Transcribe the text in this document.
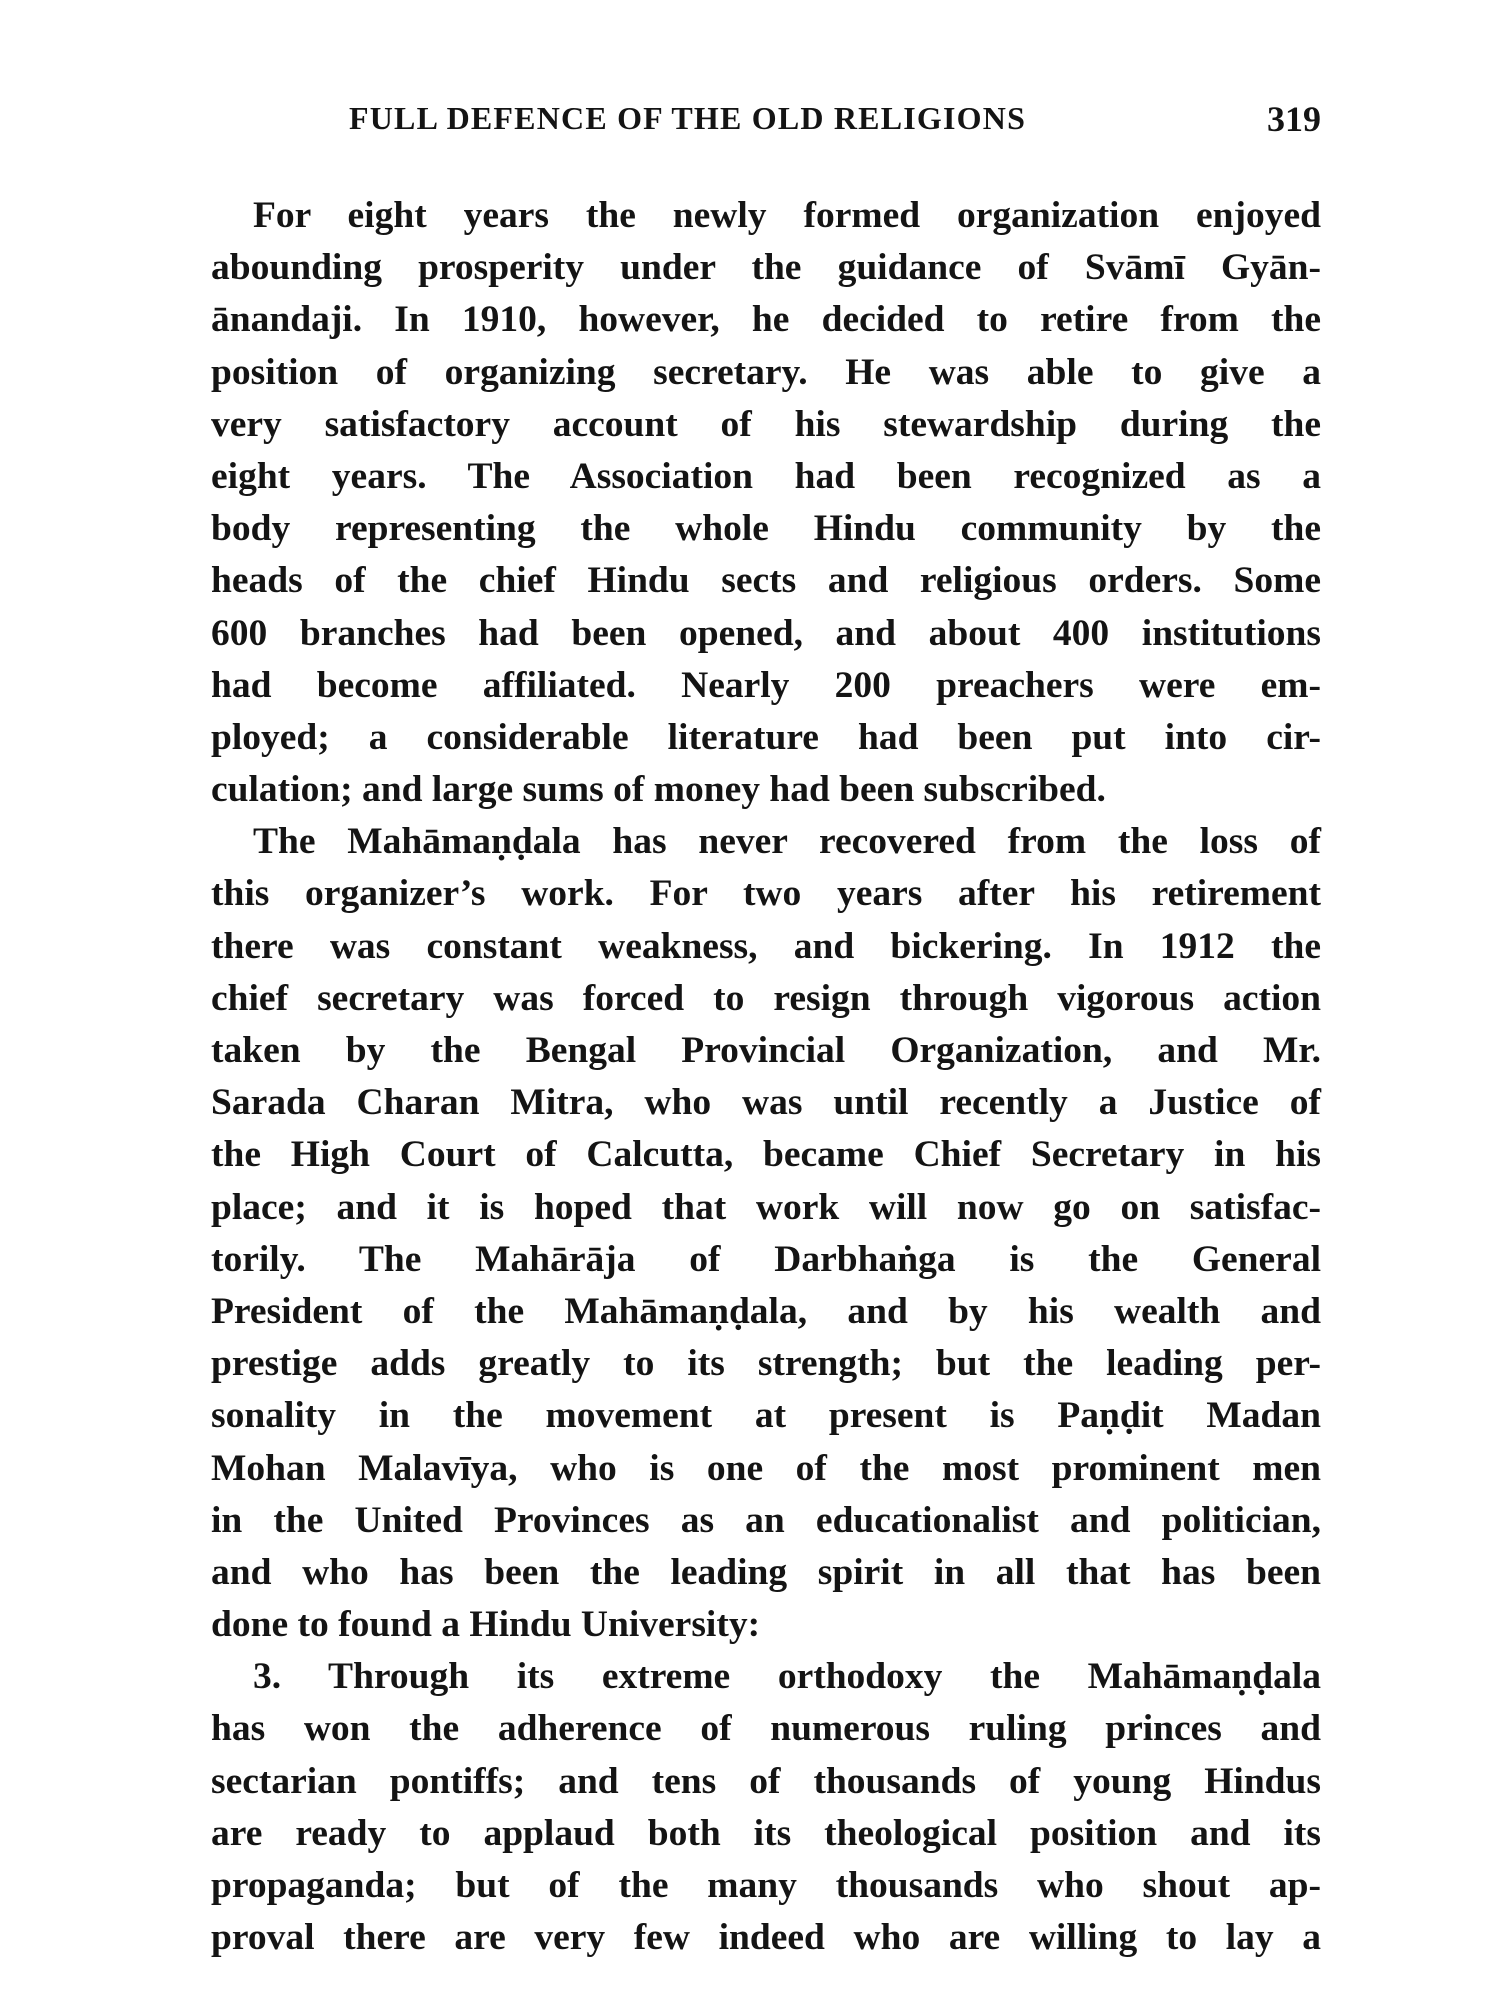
FULL DEFENCE OF THE OLD RELIGIONS	319
For eight years the newly formed organization enjoyed
abounding prosperity under the guidance of Svāmī Gyān-
ānandaji. In 1910, however, he decided to retire from the
position of organizing secretary. He was able to give a
very satisfactory account of his stewardship during the
eight years. The Association had been recognized as a
body representing the whole Hindu community by the
heads of the chief Hindu sects and religious orders. Some
600 branches had been opened, and about 400 institutions
had become affiliated. Nearly 200 preachers were em-
ployed; a considerable literature had been put into cir-
culation; and large sums of money had been subscribed.
The Mahāmaṇḍala has never recovered from the loss of
this organizer’s work. For two years after his retirement
there was constant weakness, and bickering. In 1912 the
chief secretary was forced to resign through vigorous action
taken by the Bengal Provincial Organization, and Mr.
Sarada Charan Mitra, who was until recently a Justice of
the High Court of Calcutta, became Chief Secretary in his
place; and it is hoped that work will now go on satisfac-
torily. The Mahārāja of Darbhaṅga is the General
President of the Mahāmaṇḍala, and by his wealth and
prestige adds greatly to its strength; but the leading per-
sonality in the movement at present is Paṇḍit Madan
Mohan Malavīya, who is one of the most prominent men
in the United Provinces as an educationalist and politician,
and who has been the leading spirit in all that has been
done to found a Hindu University:
3. Through its extreme orthodoxy the Mahāmaṇḍala
has won the adherence of numerous ruling princes and
sectarian pontiffs; and tens of thousands of young Hindus
are ready to applaud both its theological position and its
propaganda; but of the many thousands who shout ap-
proval there are very few indeed who are willing to lay a
